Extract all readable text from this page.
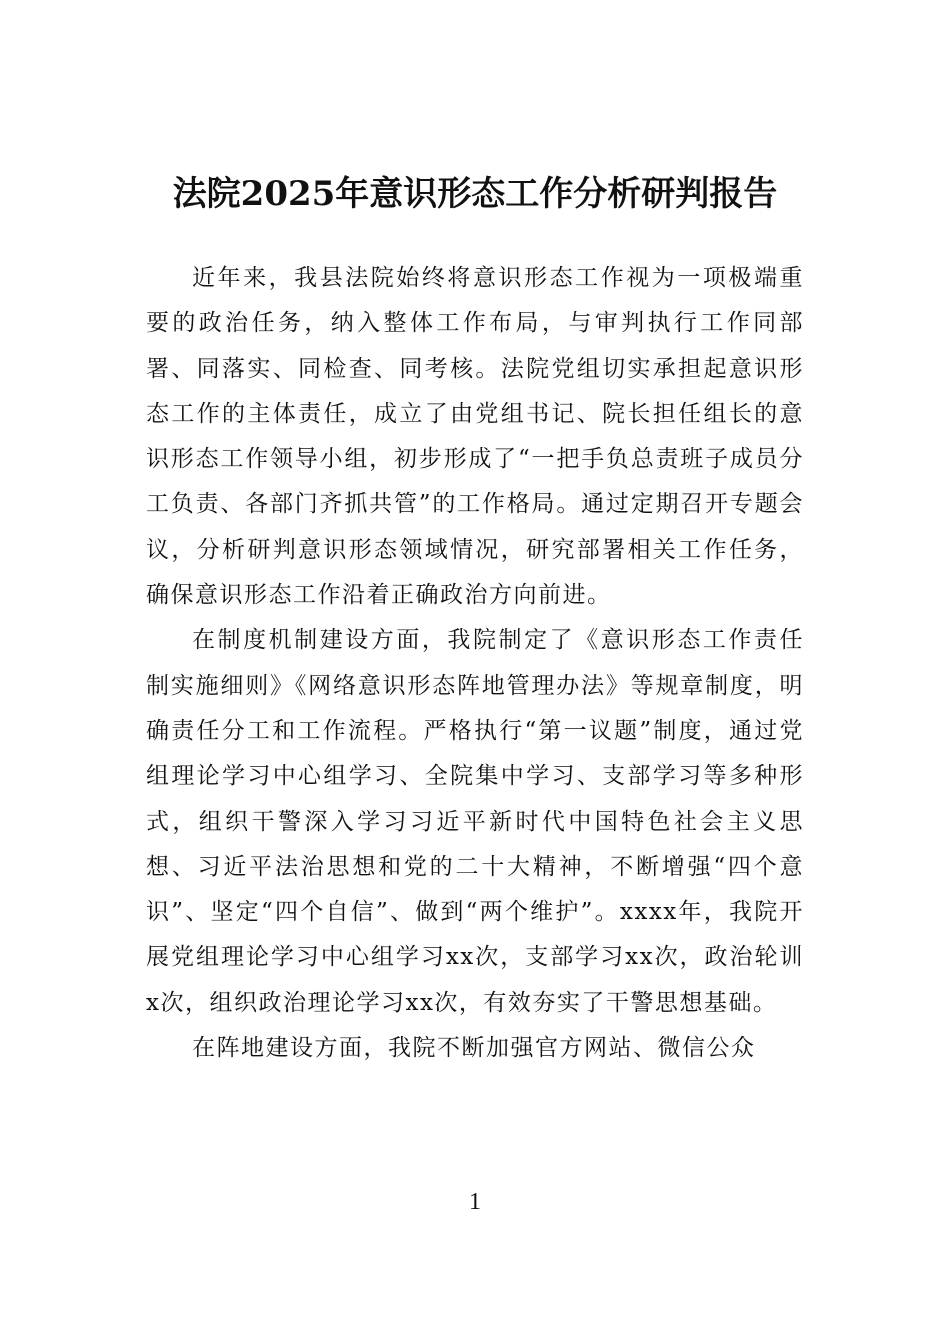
法院2025年意识形态工作分析研判报告

近年来，我县法院始终将意识形态工作视为一项极端重要的政治任务，纳入整体工作布局，与审判执行工作同部署、同落实、同检查、同考核。法院党组切实承担起意识形态工作的主体责任，成立了由党组书记、院长担任组长的意识形态工作领导小组，初步形成了“一把手负总责班子成员分工负责、各部门齐抓共管”的工作格局。通过定期召开专题会议，分析研判意识形态领域情况，研究部署相关工作任务，确保意识形态工作沿着正确政治方向前进。

在制度机制建设方面，我院制定了《意识形态工作责任制实施细则》《网络意识形态阵地管理办法》等规章制度，明确责任分工和工作流程。严格执行“第一议题”制度，通过党组理论学习中心组学习、全院集中学习、支部学习等多种形式，组织干警深入学习习近平新时代中国特色社会主义思想、习近平法治思想和党的二十大精神，不断增强“四个意识”、坚定“四个自信”、做到“两个维护”。xxxx年，我院开展党组理论学习中心组学习xx次，支部学习xx次，政治轮训x次，组织政治理论学习xx次，有效夯实了干警思想基础。

在阵地建设方面，我院不断加强官方网站、微信公众

1
